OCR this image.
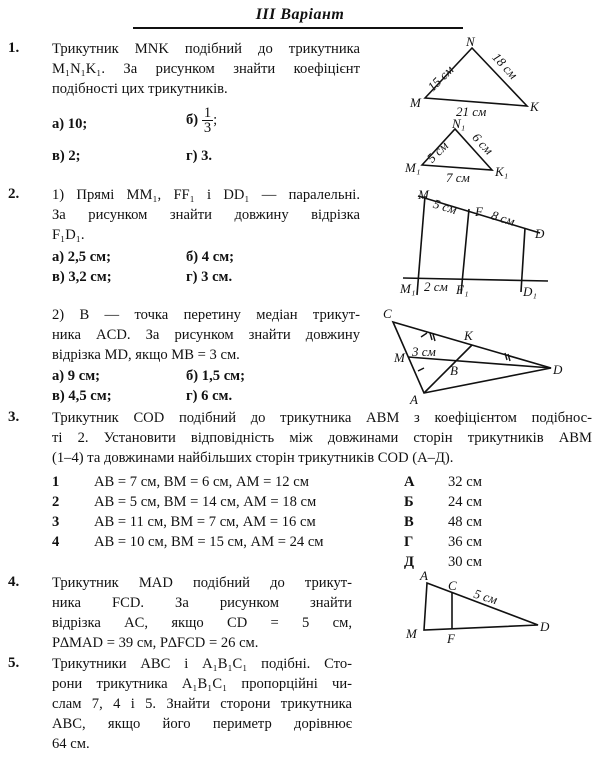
III Варіант
1. Трикутник MNK подібний до трикутника
M₁N₁K₁. За рисунком знайти коефіцієнт
подібності цих трикутників.
а) 10;	$б) \frac{1}{3}$ ;
в) 2;	г) 3.
2. 1) Прямі MM₁, FF₁ і DD₁ — паралельні.
За рисунком знайти довжину відрізка
F₁D₁.
а) 2,5 см;	б) 4 см;
в) 3,2 см;	г) 3 см.
2) B — точка перетину медіан трикут-
ника ACD. За рисунком знайти довжину
відрізка MD, якщо MB = 3 см.
а) 9 см;	б) 1,5 см;
в) 4,5 см;	г) 6 см.
3. Трикутник COD подібний до трикутника ABM з коефіцієнтом подібнос-
ті 2. Установити відповідність між довжинами сторін трикутників ABM
(1–4) та довжинами найбільших сторін трикутників COD (А–Д).
1 AB = 7 см, BM = 6 см, AM = 12 см
2 AB = 5 см, BM = 14 см, AM = 18 см
3 AB = 11 см, BM = 7 см, AM = 16 см
4 AB = 10 см, BM = 15 см, AM = 24 см
А 32 см
Б 24 см
В 48 см
Г 36 см
Д 30 см
4. Трикутник MAD подібний до трикут-
ника FCD. За рисунком знайти
відрізка AC, якщо CD = 5 см,
P∆MAD = 39 см, P∆FCD = 26 см.
5. Трикутники ABC і A₁B₁C₁ подібні. Сто-
рони трикутника A₁B₁C₁ пропорційні чи-
слам 7, 4 і 5. Знайти сторони трикутника
ABC, якщо його периметр дорівнює
64 см.
N
M	K
15 см	18 см
21 см
N₁
M₁	K₁
5 см 6 см
7 см
M
5 см F 8 см
D
M₁ 2 см F₁	D₁
C
K
M 3 см
B
A
D
A
C
5 см
M F
D
